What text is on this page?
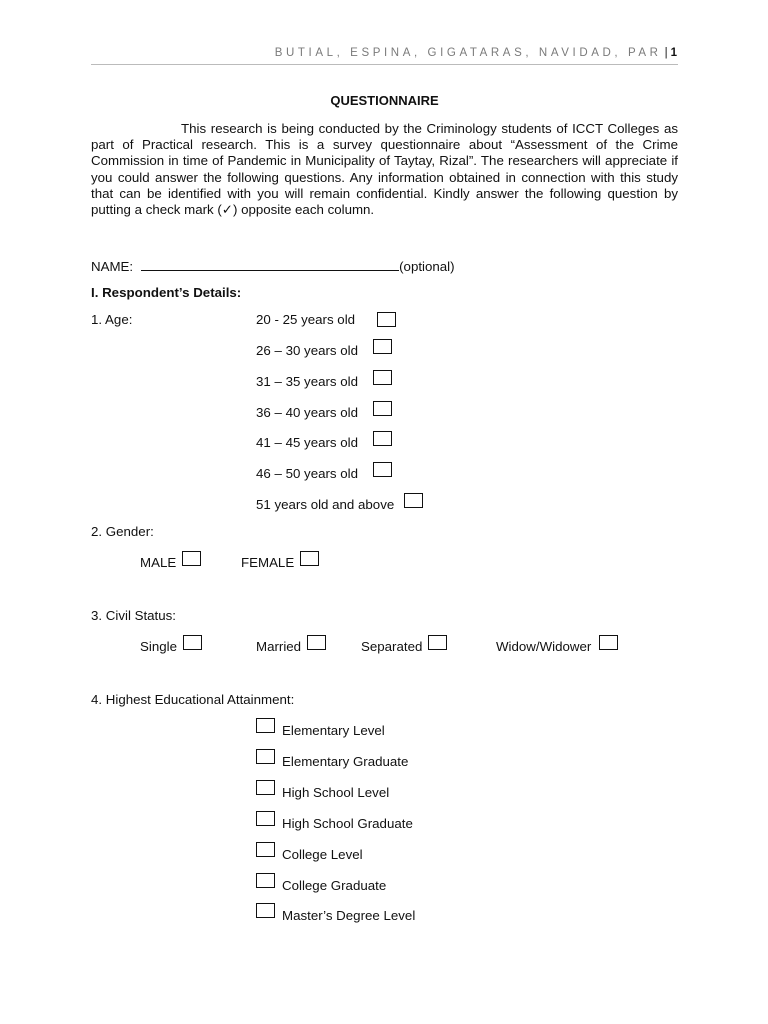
BUTIAL, ESPINA, GIGATARAS, NAVIDAD, PAR | 1
QUESTIONNAIRE

This research is being conducted by the Criminology students of ICCT Colleges as part of Practical research. This is a survey questionnaire about “Assessment of the Crime Commission in time of Pandemic in Municipality of Taytay, Rizal”. The researchers will appreciate if you could answer the following questions. Any information obtained in connection with this study that can be identified with you will remain confidential. Kindly answer the following question by putting a check mark (✓) opposite each column.

NAME:	(optional)
I. Respondent’s Details:
1. Age:	20 - 25 years old
26 – 30 years old
31 – 35 years old
36 – 40 years old
41 – 45 years old
46 – 50 years old
51 years old and above
2. Gender:
MALE	FEMALE
3. Civil Status:
Single	Married	Separated	Widow/Widower
4. Highest Educational Attainment:
Elementary Level
Elementary Graduate
High School Level
High School Graduate
College Level
College Graduate
Master’s Degree Level
